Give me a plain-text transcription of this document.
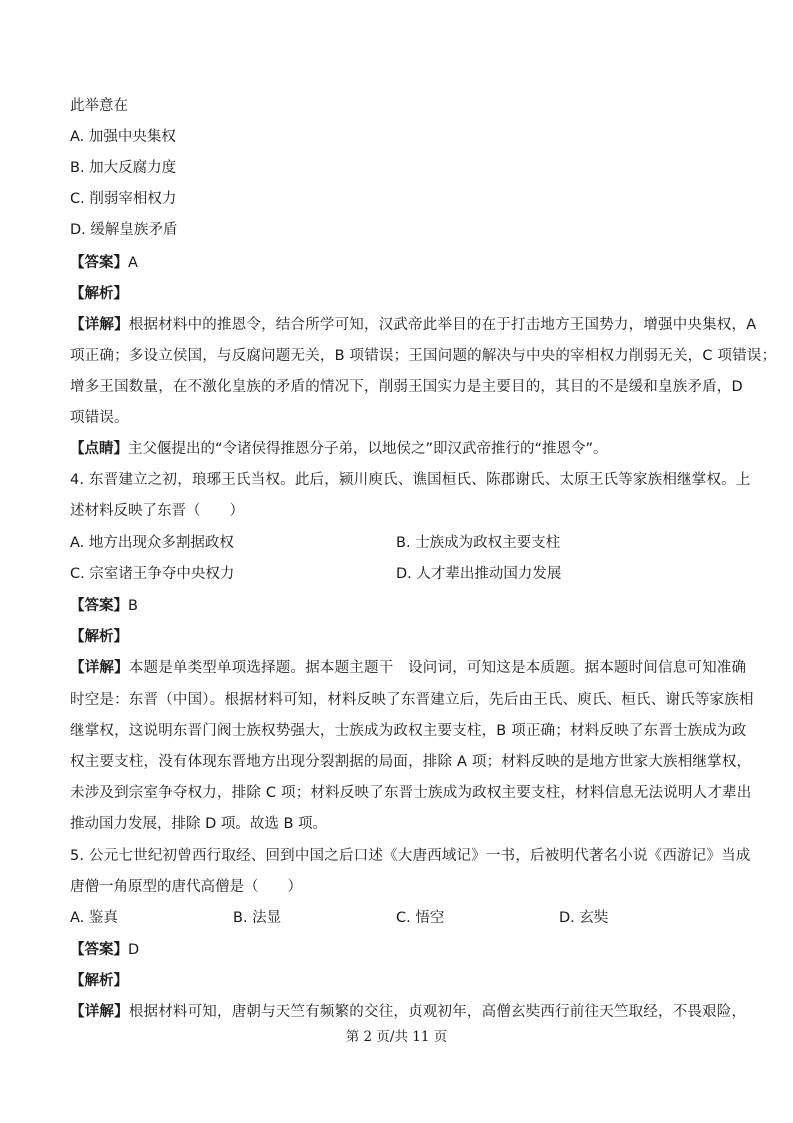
此举意在
A. 加强中央集权
B. 加大反腐力度
C. 削弱宰相权力
D. 缓解皇族矛盾
【答案】A
【解析】
【详解】根据材料中的推恩令，结合所学可知，汉武帝此举目的在于打击地方王国势力，增强中央集权，A
项正确；多设立侯国，与反腐问题无关，B 项错误；王国问题的解决与中央的宰相权力削弱无关，C 项错误；
增多王国数量，在不激化皇族的矛盾的情况下，削弱王国实力是主要目的，其目的不是缓和皇族矛盾，D
项错误。
【点睛】主父偃提出的“令诸侯得推恩分子弟，以地侯之”即汉武帝推行的“推恩令”。
4. 东晋建立之初，琅琊王氏当权。此后，颍川庾氏、谯国桓氏、陈郡谢氏、太原王氏等家族相继掌权。上
述材料反映了东晋（　　）
A. 地方出现众多割据政权	B. 士族成为政权主要支柱
C. 宗室诸王争夺中央权力	D. 人才辈出推动国力发展
【答案】B
【解析】
【详解】本题是单类型单项选择题。据本题主题干　设问词，可知这是本质题。据本题时间信息可知准确
时空是：东晋（中国）。根据材料可知，材料反映了东晋建立后，先后由王氏、庾氏、桓氏、谢氏等家族相
继掌权，这说明东晋门阀士族权势强大，士族成为政权主要支柱，B 项正确；材料反映了东晋士族成为政
权主要支柱，没有体现东晋地方出现分裂割据的局面，排除 A 项；材料反映的是地方世家大族相继掌权，
未涉及到宗室争夺权力，排除 C 项；材料反映了东晋士族成为政权主要支柱，材料信息无法说明人才辈出
推动国力发展，排除 D 项。故选 B 项。
5. 公元七世纪初曾西行取经、回到中国之后口述《大唐西域记》一书，后被明代著名小说《西游记》当成
唐僧一角原型的唐代高僧是（　　）
A. 鉴真	B. 法显	C. 悟空	D. 玄奘
【答案】D
【解析】
【详解】根据材料可知，唐朝与天竺有频繁的交往，贞观初年，高僧玄奘西行前往天竺取经，不畏艰险，
第 2 页/共 11 页
